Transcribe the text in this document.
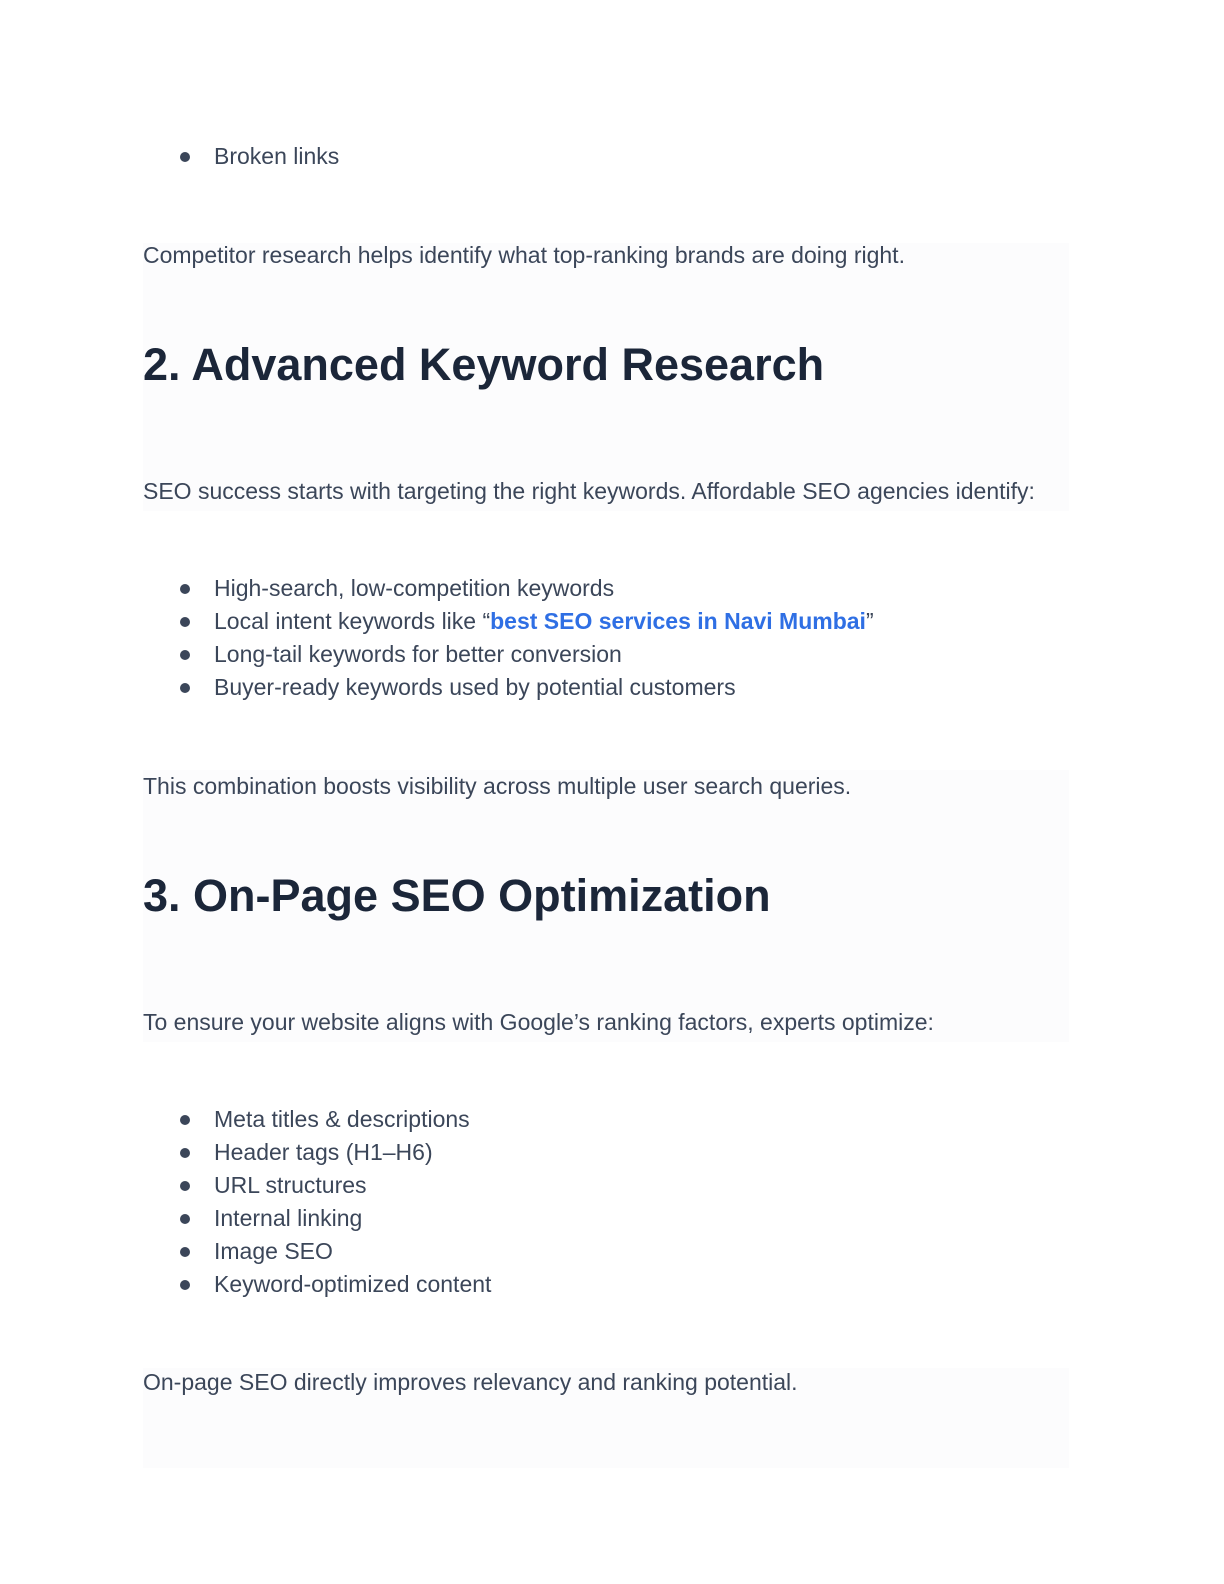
Broken links

Competitor research helps identify what top-ranking brands are doing right.

2. Advanced Keyword Research

SEO success starts with targeting the right keywords. Affordable SEO agencies identify:

High-search, low-competition keywords
Local intent keywords like “best SEO services in Navi Mumbai”
Long-tail keywords for better conversion
Buyer-ready keywords used by potential customers

This combination boosts visibility across multiple user search queries.

3. On-Page SEO Optimization

To ensure your website aligns with Google’s ranking factors, experts optimize:

Meta titles & descriptions
Header tags (H1–H6)
URL structures
Internal linking
Image SEO
Keyword-optimized content

On-page SEO directly improves relevancy and ranking potential.
